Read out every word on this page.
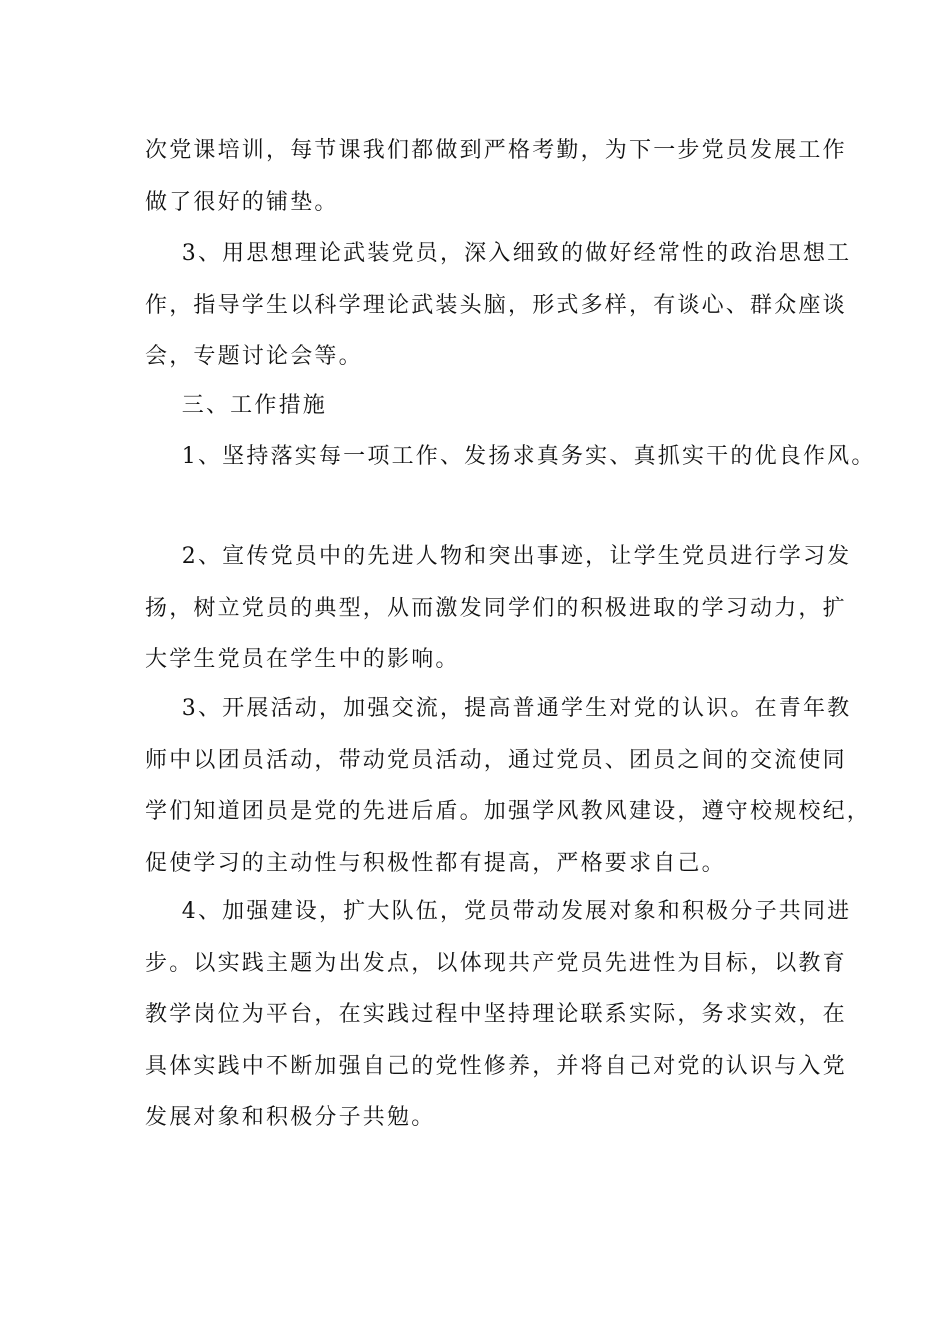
次党课培训，每节课我们都做到严格考勤，为下一步党员发展工作
做了很好的铺垫。

3、用思想理论武装党员，深入细致的做好经常性的政治思想工
作，指导学生以科学理论武装头脑，形式多样，有谈心、群众座谈
会，专题讨论会等。

三、工作措施

1、坚持落实每一项工作、发扬求真务实、真抓实干的优良作风。

2、宣传党员中的先进人物和突出事迹，让学生党员进行学习发
扬，树立党员的典型，从而激发同学们的积极进取的学习动力，扩
大学生党员在学生中的影响。

3、开展活动，加强交流，提高普通学生对党的认识。在青年教
师中以团员活动，带动党员活动，通过党员、团员之间的交流使同
学们知道团员是党的先进后盾。加强学风教风建设，遵守校规校纪，
促使学习的主动性与积极性都有提高，严格要求自己。

4、加强建设，扩大队伍，党员带动发展对象和积极分子共同进
步。以实践主题为出发点，以体现共产党员先进性为目标，以教育
教学岗位为平台，在实践过程中坚持理论联系实际，务求实效，在
具体实践中不断加强自己的党性修养，并将自己对党的认识与入党
发展对象和积极分子共勉。
